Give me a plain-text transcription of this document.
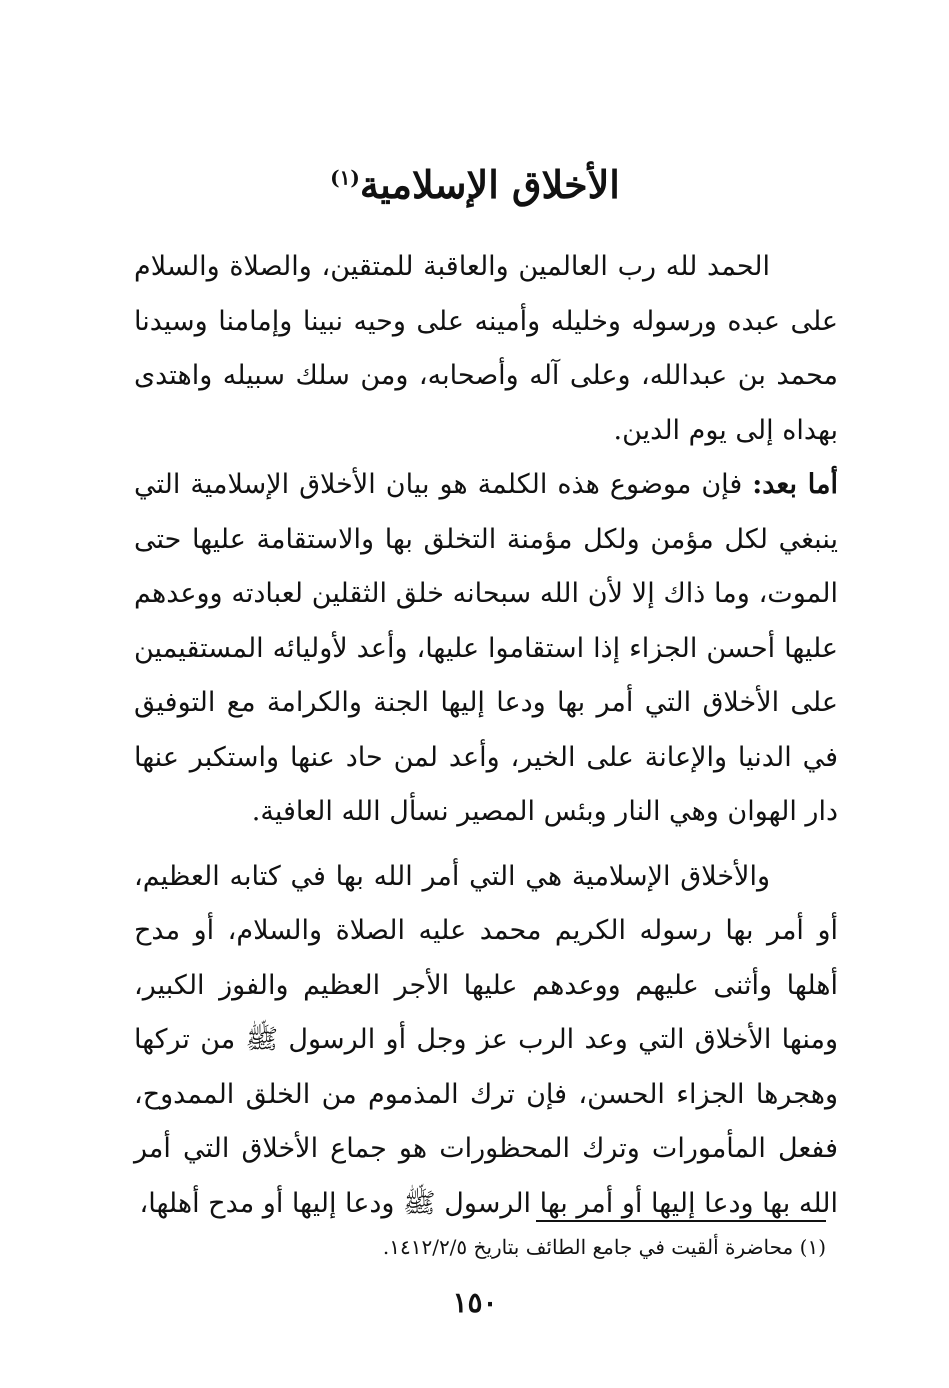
الأخلاق الإسلامية$^{(١)}$

الحمد لله رب العالمين والعاقبة للمتقين، والصلاة والسلام على عبده ورسوله وخليله وأمينه على وحيه نبينا وإمامنا وسيدنا محمد بن عبدالله، وعلى آله وأصحابه، ومن سلك سبيله واهتدى بهداه إلى يوم الدين.

أما بعد: فإن موضوع هذه الكلمة هو بيان الأخلاق الإسلامية التي ينبغي لكل مؤمن ولكل مؤمنة التخلق بها والاستقامة عليها حتى الموت، وما ذاك إلا لأن الله سبحانه خلق الثقلين لعبادته ووعدهم عليها أحسن الجزاء إذا استقاموا عليها، وأعد لأوليائه المستقيمين على الأخلاق التي أمر بها ودعا إليها الجنة والكرامة مع التوفيق في الدنيا والإعانة على الخير، وأعد لمن حاد عنها واستكبر عنها دار الهوان وهي النار وبئس المصير نسأل الله العافية.

والأخلاق الإسلامية هي التي أمر الله بها في كتابه العظيم، أو أمر بها رسوله الكريم محمد عليه الصلاة والسلام، أو مدح أهلها وأثنى عليهم ووعدهم عليها الأجر العظيم والفوز الكبير، ومنها الأخلاق التي وعد الرب عز وجل أو الرسول ﷺ من تركها وهجرها الجزاء الحسن، فإن ترك المذموم من الخلق الممدوح، ففعل المأمورات وترك المحظورات هو جماع الأخلاق التي أمر الله بها ودعا إليها أو أمر بها الرسول ﷺ ودعا إليها أو مدح أهلها،

(١) محاضرة ألقيت في جامع الطائف بتاريخ ١٤١٢/٢/٥.

١٥٠
